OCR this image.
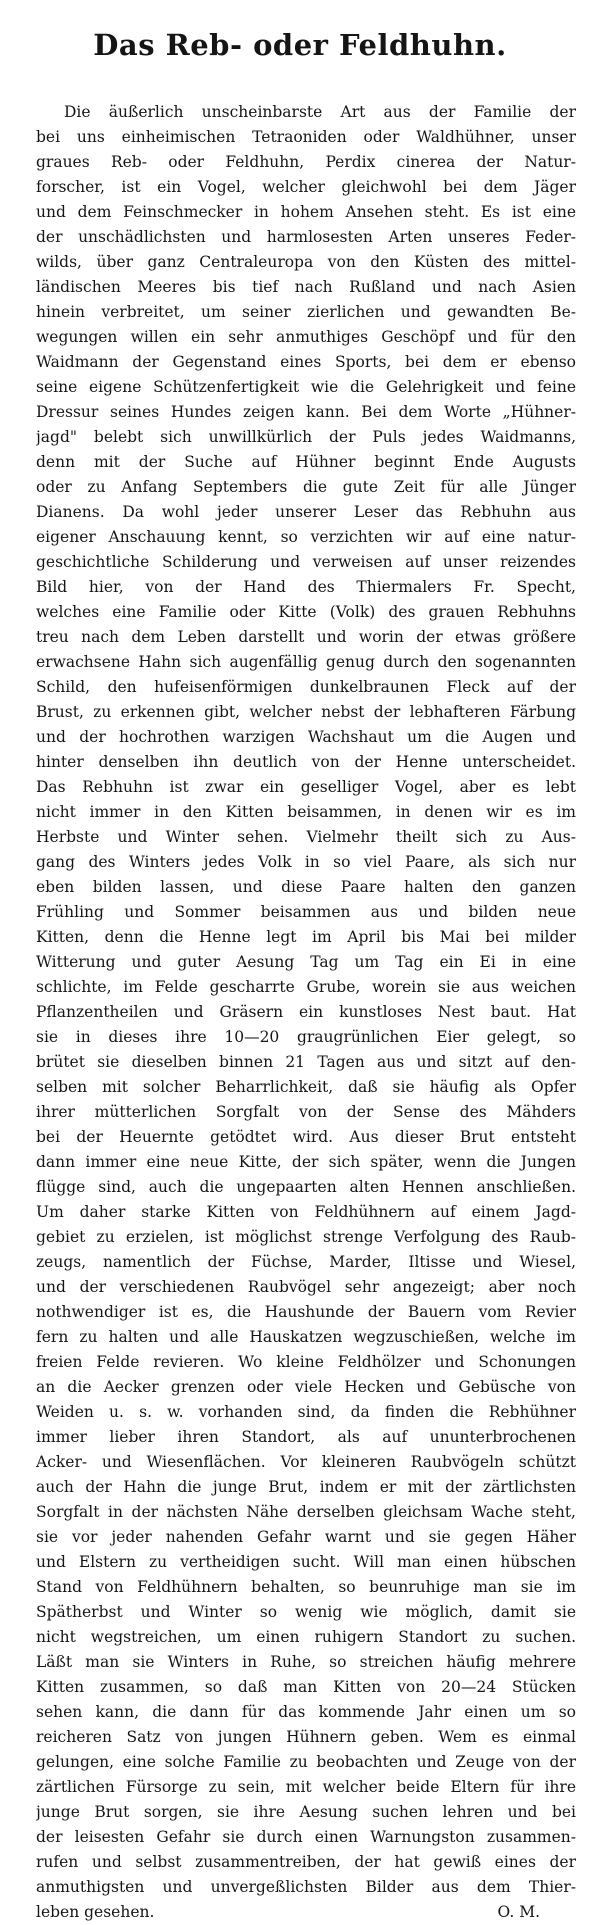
Das Reb- oder Feldhuhn.
Die äußerlich unscheinbarste Art aus der Familie der
bei uns einheimischen Tetraoniden oder Waldhühner, unser
graues Reb- oder Feldhuhn, Perdix cinerea der Natur-
forscher, ist ein Vogel, welcher gleichwohl bei dem Jäger
und dem Feinschmecker in hohem Ansehen steht. Es ist eine
der unschädlichsten und harmlosesten Arten unseres Feder-
wilds, über ganz Centraleuropa von den Küsten des mittel-
ländischen Meeres bis tief nach Rußland und nach Asien
hinein verbreitet, um seiner zierlichen und gewandten Be-
wegungen willen ein sehr anmuthiges Geschöpf und für den
Waidmann der Gegenstand eines Sports, bei dem er ebenso
seine eigene Schützenfertigkeit wie die Gelehrigkeit und feine
Dressur seines Hundes zeigen kann. Bei dem Worte „Hühner-
jagd" belebt sich unwillkürlich der Puls jedes Waidmanns,
denn mit der Suche auf Hühner beginnt Ende Augusts
oder zu Anfang Septembers die gute Zeit für alle Jünger
Dianens. Da wohl jeder unserer Leser das Rebhuhn aus
eigener Anschauung kennt, so verzichten wir auf eine natur-
geschichtliche Schilderung und verweisen auf unser reizendes
Bild hier, von der Hand des Thiermalers Fr. Specht,
welches eine Familie oder Kitte (Volk) des grauen Rebhuhns
treu nach dem Leben darstellt und worin der etwas größere
erwachsene Hahn sich augenfällig genug durch den sogenannten
Schild, den hufeisenförmigen dunkelbraunen Fleck auf der
Brust, zu erkennen gibt, welcher nebst der lebhafteren Färbung
und der hochrothen warzigen Wachshaut um die Augen und
hinter denselben ihn deutlich von der Henne unterscheidet.
Das Rebhuhn ist zwar ein geselliger Vogel, aber es lebt
nicht immer in den Kitten beisammen, in denen wir es im
Herbste und Winter sehen. Vielmehr theilt sich zu Aus-
gang des Winters jedes Volk in so viel Paare, als sich nur
eben bilden lassen, und diese Paare halten den ganzen
Frühling und Sommer beisammen aus und bilden neue
Kitten, denn die Henne legt im April bis Mai bei milder
Witterung und guter Aesung Tag um Tag ein Ei in eine
schlichte, im Felde gescharrte Grube, worein sie aus weichen
Pflanzentheilen und Gräsern ein kunstloses Nest baut. Hat
sie in dieses ihre 10—20 graugrünlichen Eier gelegt, so
brütet sie dieselben binnen 21 Tagen aus und sitzt auf den-
selben mit solcher Beharrlichkeit, daß sie häufig als Opfer
ihrer mütterlichen Sorgfalt von der Sense des Mähders
bei der Heuernte getödtet wird. Aus dieser Brut entsteht
dann immer eine neue Kitte, der sich später, wenn die Jungen
flügge sind, auch die ungepaarten alten Hennen anschließen.
Um daher starke Kitten von Feldhühnern auf einem Jagd-
gebiet zu erzielen, ist möglichst strenge Verfolgung des Raub-
zeugs, namentlich der Füchse, Marder, Iltisse und Wiesel,
und der verschiedenen Raubvögel sehr angezeigt; aber noch
nothwendiger ist es, die Haushunde der Bauern vom Revier
fern zu halten und alle Hauskatzen wegzuschießen, welche im
freien Felde revieren. Wo kleine Feldhölzer und Schonungen
an die Aecker grenzen oder viele Hecken und Gebüsche von
Weiden u. s. w. vorhanden sind, da finden die Rebhühner
immer lieber ihren Standort, als auf ununterbrochenen
Acker- und Wiesenflächen. Vor kleineren Raubvögeln schützt
auch der Hahn die junge Brut, indem er mit der zärtlichsten
Sorgfalt in der nächsten Nähe derselben gleichsam Wache steht,
sie vor jeder nahenden Gefahr warnt und sie gegen Häher
und Elstern zu vertheidigen sucht. Will man einen hübschen
Stand von Feldhühnern behalten, so beunruhige man sie im
Spätherbst und Winter so wenig wie möglich, damit sie
nicht wegstreichen, um einen ruhigern Standort zu suchen.
Läßt man sie Winters in Ruhe, so streichen häufig mehrere
Kitten zusammen, so daß man Kitten von 20—24 Stücken
sehen kann, die dann für das kommende Jahr einen um so
reicheren Satz von jungen Hühnern geben. Wem es einmal
gelungen, eine solche Familie zu beobachten und Zeuge von der
zärtlichen Fürsorge zu sein, mit welcher beide Eltern für ihre
junge Brut sorgen, sie ihre Aesung suchen lehren und bei
der leisesten Gefahr sie durch einen Warnungston zusammen-
rufen und selbst zusammentreiben, der hat gewiß eines der
anmuthigsten und unvergeßlichsten Bilder aus dem Thier-
leben gesehen.	O. M.
